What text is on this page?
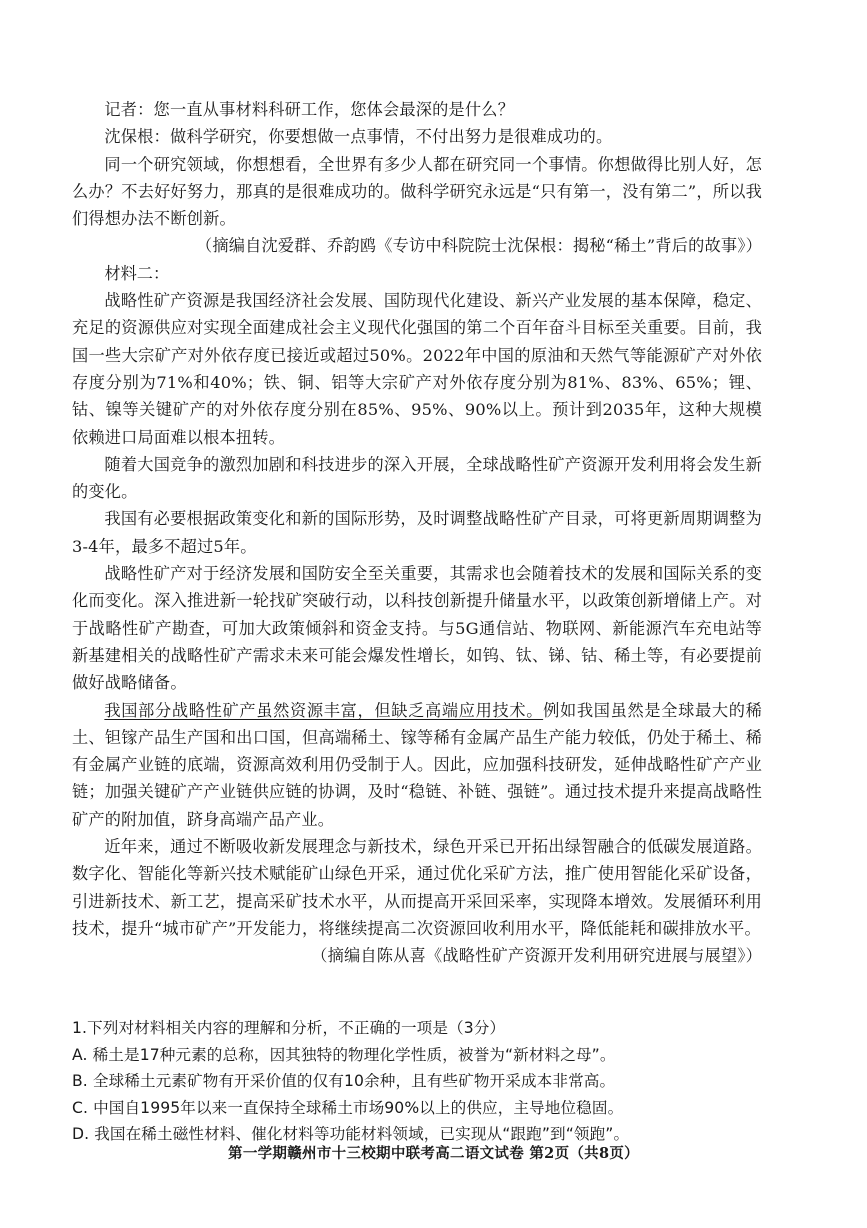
记者：您一直从事材料科研工作，您体会最深的是什么？

沈保根：做科学研究，你要想做一点事情，不付出努力是很难成功的。

同一个研究领域，你想想看，全世界有多少人都在研究同一个事情。你想做得比别人好，怎么办？不去好好努力，那真的是很难成功的。做科学研究永远是“只有第一，没有第二”，所以我们得想办法不断创新。

（摘编自沈爱群、乔韵鸥《专访中科院院士沈保根：揭秘“稀土”背后的故事》）

材料二：

战略性矿产资源是我国经济社会发展、国防现代化建设、新兴产业发展的基本保障，稳定、充足的资源供应对实现全面建成社会主义现代化强国的第二个百年奋斗目标至关重要。目前，我国一些大宗矿产对外依存度已接近或超过50%。2022年中国的原油和天然气等能源矿产对外依存度分别为71%和40%；铁、铜、铝等大宗矿产对外依存度分别为81%、83%、65%；锂、钴、镍等关键矿产的对外依存度分别在85%、95%、90%以上。预计到2035年，这种大规模依赖进口局面难以根本扭转。

随着大国竞争的激烈加剧和科技进步的深入开展，全球战略性矿产资源开发利用将会发生新的变化。

我国有必要根据政策变化和新的国际形势，及时调整战略性矿产目录，可将更新周期调整为3-4年，最多不超过5年。

战略性矿产对于经济发展和国防安全至关重要，其需求也会随着技术的发展和国际关系的变化而变化。深入推进新一轮找矿突破行动，以科技创新提升储量水平，以政策创新增储上产。对于战略性矿产勘查，可加大政策倾斜和资金支持。与5G通信站、物联网、新能源汽车充电站等新基建相关的战略性矿产需求未来可能会爆发性增长，如钨、钛、锑、钴、稀土等，有必要提前做好战略储备。

我国部分战略性矿产虽然资源丰富，但缺乏高端应用技术。例如我国虽然是全球最大的稀土、钽镓产品生产国和出口国，但高端稀土、镓等稀有金属产品生产能力较低，仍处于稀土、稀有金属产业链的底端，资源高效利用仍受制于人。因此，应加强科技研发，延伸战略性矿产产业链；加强关键矿产产业链供应链的协调，及时“稳链、补链、强链”。通过技术提升来提高战略性矿产的附加值，跻身高端产品产业。

近年来，通过不断吸收新发展理念与新技术，绿色开采已开拓出绿智融合的低碳发展道路。数字化、智能化等新兴技术赋能矿山绿色开采，通过优化采矿方法，推广使用智能化采矿设备，引进新技术、新工艺，提高采矿技术水平，从而提高开采回采率，实现降本增效。发展循环利用技术，提升“城市矿产”开发能力，将继续提高二次资源回收利用水平，降低能耗和碳排放水平。

（摘编自陈从喜《战略性矿产资源开发利用研究进展与展望》）

1.下列对材料相关内容的理解和分析，不正确的一项是（3分）

A. 稀土是17种元素的总称，因其独特的物理化学性质，被誉为“新材料之母”。

B. 全球稀土元素矿物有开采价值的仅有10余种，且有些矿物开采成本非常高。

C. 中国自1995年以来一直保持全球稀土市场90%以上的供应，主导地位稳固。

D. 我国在稀土磁性材料、催化材料等功能材料领域，已实现从“跟跑”到“领跑”。

第一学期赣州市十三校期中联考高二语文试卷 第2页（共8页）
